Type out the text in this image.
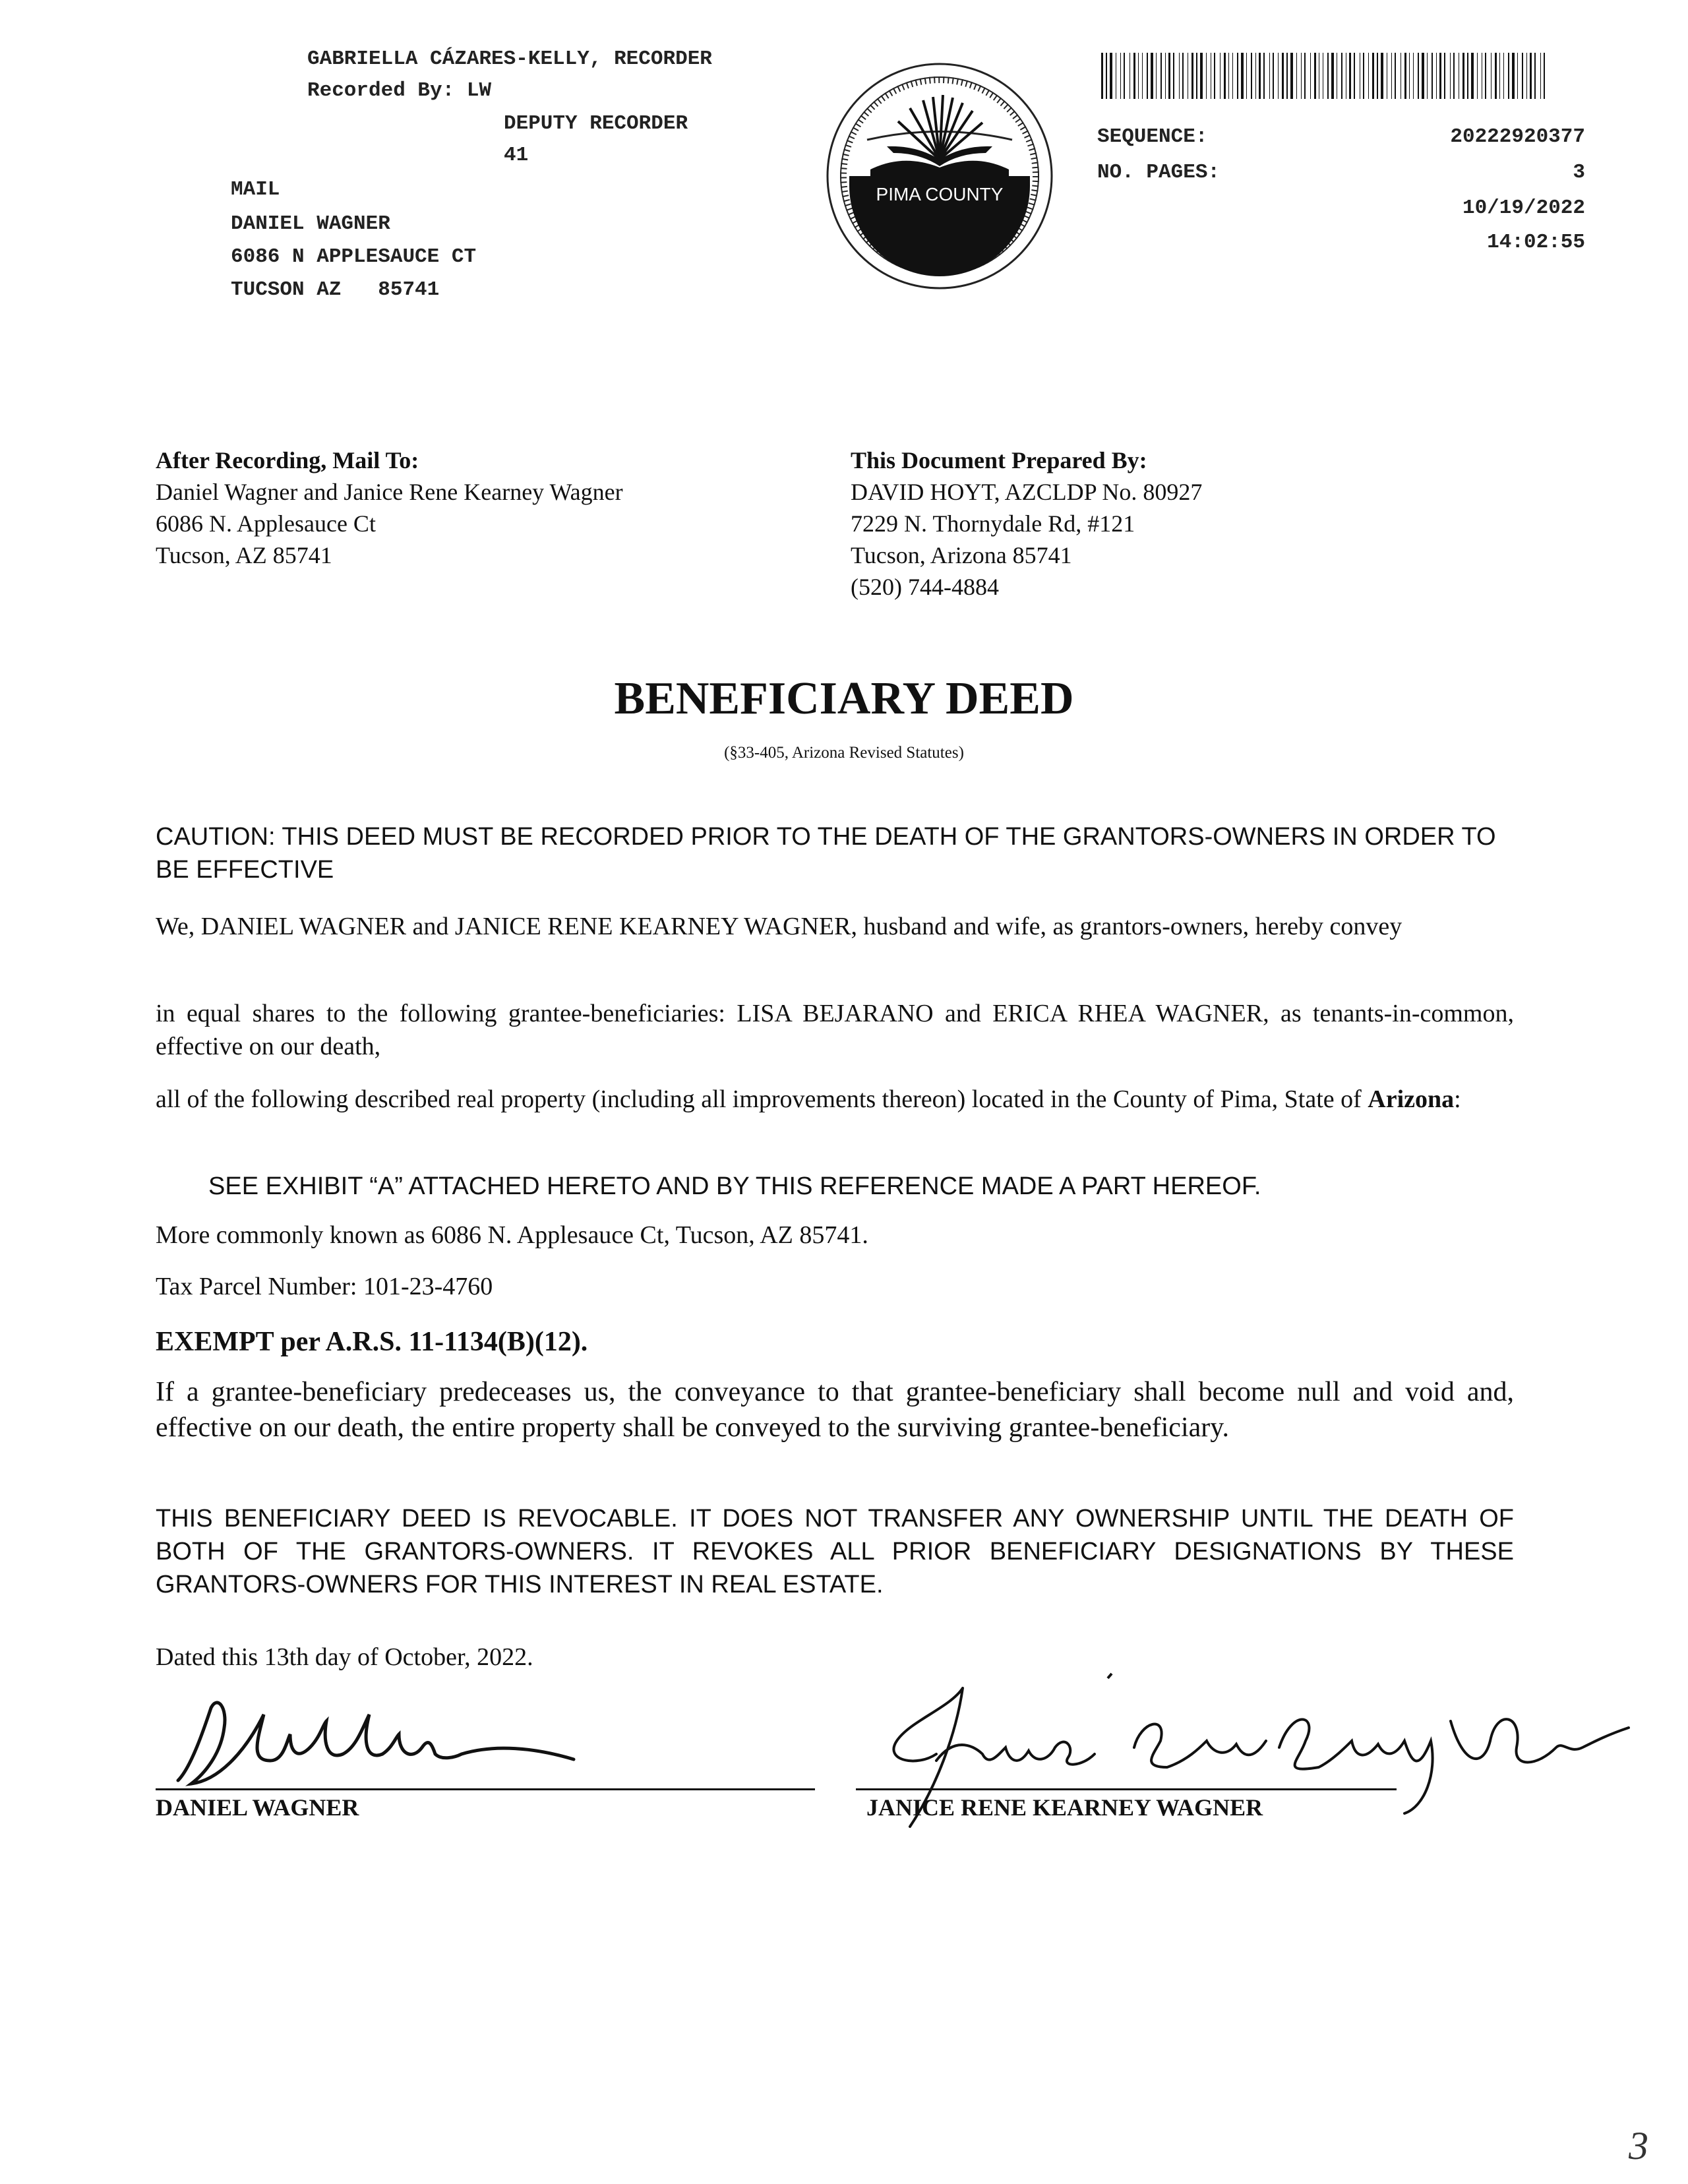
GABRIELLA CÁZARES-KELLY, RECORDER
Recorded By: LW
DEPUTY RECORDER
41
MAIL
DANIEL WAGNER
6086 N APPLESAUCE CT
TUCSON AZ   85741
PIMA COUNTY
SEQUENCE:	20222920377
NO. PAGES:	3
10/19/2022
14:02:55
After Recording, Mail To:
Daniel Wagner and Janice Rene Kearney Wagner
6086 N. Applesauce Ct
Tucson, AZ 85741
This Document Prepared By:
DAVID HOYT, AZCLDP No. 80927
7229 N. Thornydale Rd, #121
Tucson, Arizona 85741
(520) 744-4884
BENEFICIARY DEED
(§33-405, Arizona Revised Statutes)
CAUTION: THIS DEED MUST BE RECORDED PRIOR TO THE DEATH OF THE GRANTORS-OWNERS IN ORDER TO BE EFFECTIVE
We, DANIEL WAGNER and JANICE RENE KEARNEY WAGNER, husband and wife, as grantors-owners, hereby convey
in equal shares to the following grantee-beneficiaries: LISA BEJARANO and ERICA RHEA WAGNER, as tenants-in-common, effective on our death,
all of the following described real property (including all improvements thereon) located in the County of Pima, State of Arizona:
SEE EXHIBIT “A” ATTACHED HERETO AND BY THIS REFERENCE MADE A PART HEREOF.
More commonly known as 6086 N. Applesauce Ct, Tucson, AZ 85741.
Tax Parcel Number: 101-23-4760
EXEMPT per A.R.S. 11-1134(B)(12).
If a grantee-beneficiary predeceases us, the conveyance to that grantee-beneficiary shall become null and void and, effective on our death, the entire property shall be conveyed to the surviving grantee-beneficiary.
THIS BENEFICIARY DEED IS REVOCABLE. IT DOES NOT TRANSFER ANY OWNERSHIP UNTIL THE DEATH OF BOTH OF THE GRANTORS-OWNERS. IT REVOKES ALL PRIOR BENEFICIARY DESIGNATIONS BY THESE GRANTORS-OWNERS FOR THIS INTEREST IN REAL ESTATE.
Dated this 13th day of October, 2022.
DANIEL WAGNER	JANICE RENE KEARNEY WAGNER
3
